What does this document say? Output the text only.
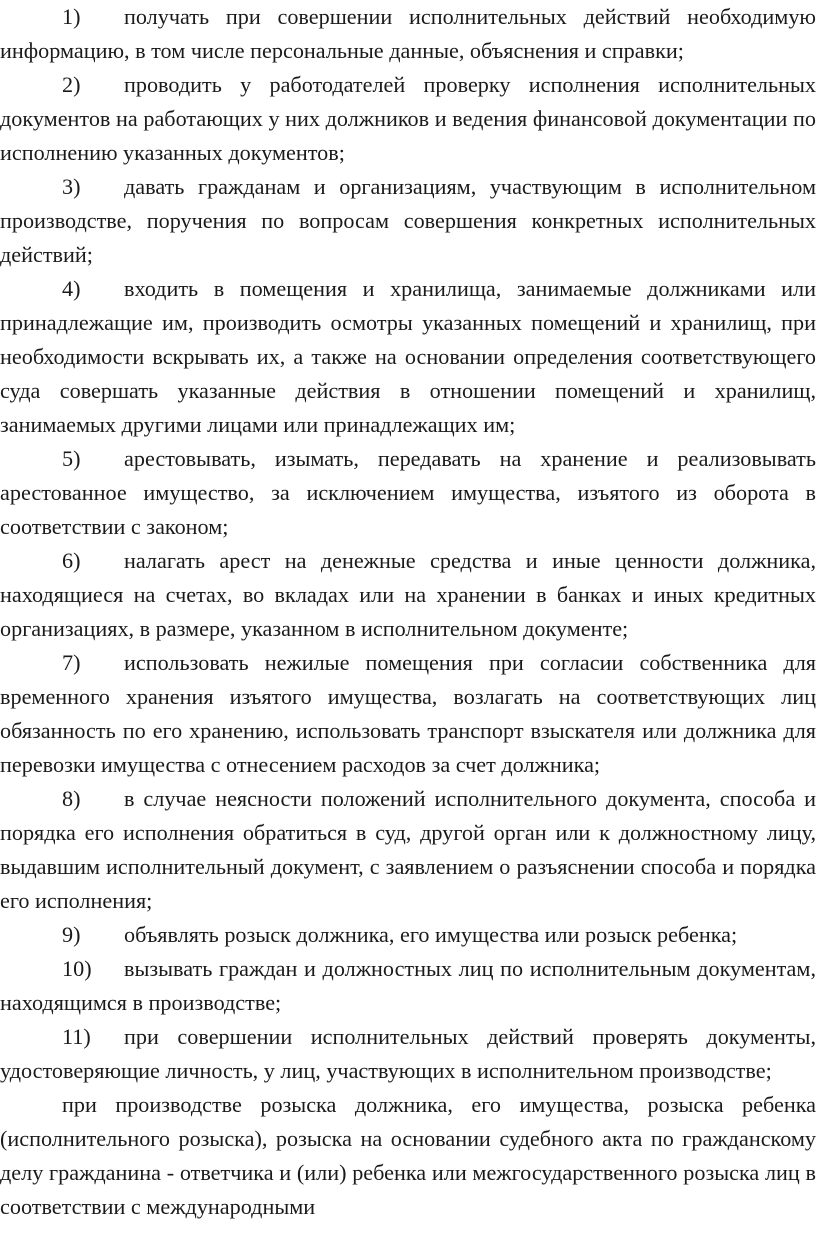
1) получать при совершении исполнительных действий необходимую информацию, в том числе персональные данные, объяснения и справки;

2) проводить у работодателей проверку исполнения исполнительных документов на работающих у них должников и ведения финансовой документации по исполнению указанных документов;

3) давать гражданам и организациям, участвующим в исполнительном производстве, поручения по вопросам совершения конкретных исполнительных действий;

4) входить в помещения и хранилища, занимаемые должниками или принадлежащие им, производить осмотры указанных помещений и хранилищ, при необходимости вскрывать их, а также на основании определения соответствующего суда совершать указанные действия в отношении помещений и хранилищ, занимаемых другими лицами или принадлежащих им;

5) арестовывать, изымать, передавать на хранение и реализовывать арестованное имущество, за исключением имущества, изъятого из оборота в соответствии с законом;

6) налагать арест на денежные средства и иные ценности должника, находящиеся на счетах, во вкладах или на хранении в банках и иных кредитных организациях, в размере, указанном в исполнительном документе;

7) использовать нежилые помещения при согласии собственника для временного хранения изъятого имущества, возлагать на соответствующих лиц обязанность по его хранению, использовать транспорт взыскателя или должника для перевозки имущества с отнесением расходов за счет должника;

8) в случае неясности положений исполнительного документа, способа и порядка его исполнения обратиться в суд, другой орган или к должностному лицу, выдавшим исполнительный документ, с заявлением о разъяснении способа и порядка его исполнения;

9) объявлять розыск должника, его имущества или розыск ребенка;

10) вызывать граждан и должностных лиц по исполнительным документам, находящимся в производстве;

11) при совершении исполнительных действий проверять документы, удостоверяющие личность, у лиц, участвующих в исполнительном производстве;

при производстве розыска должника, его имущества, розыска ребенка (исполнительного розыска), розыска на основании судебного акта по гражданскому делу гражданина - ответчика и (или) ребенка или межгосударственного розыска лиц в соответствии с международными
